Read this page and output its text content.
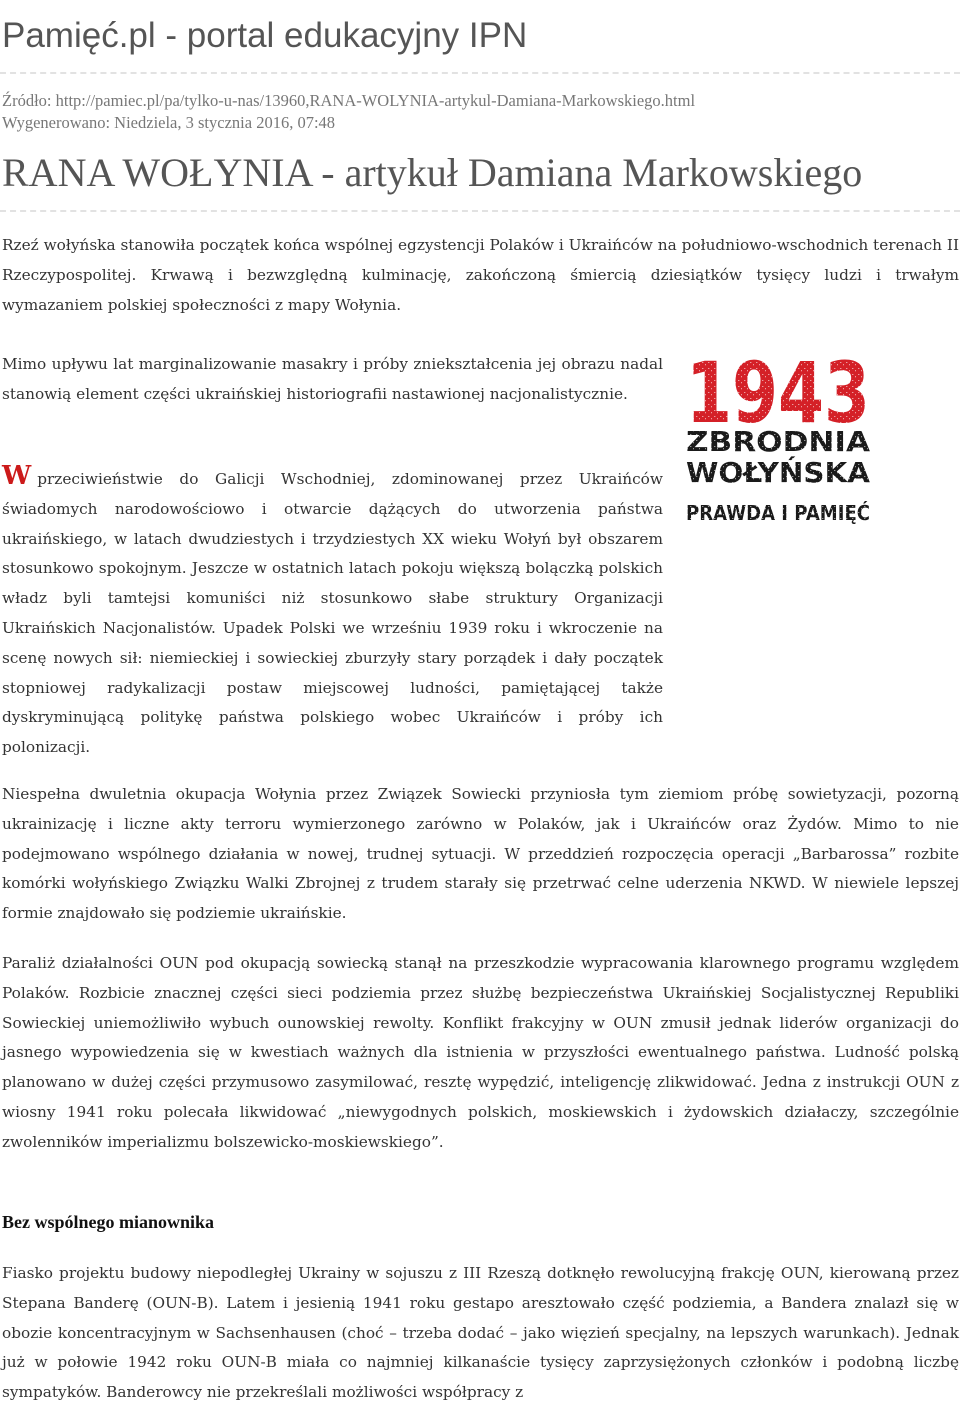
Pamięć.pl - portal edukacyjny IPN

Źródło: http://pamiec.pl/pa/tylko-u-nas/13960,RANA-WOLYNIA-artykul-Damiana-Markowskiego.html

Wygenerowano: Niedziela, 3 stycznia 2016, 07:48

RANA WOŁYNIA - artykuł Damiana Markowskiego

Rzeź wołyńska stanowiła początek końca wspólnej egzystencji Polaków i Ukraińców na południowo-wschodnich terenach II Rzeczypospolitej. Krwawą i bezwzględną kulminację, zakończoną śmiercią dziesiątków tysięcy ludzi i trwałym wymazaniem polskiej społeczności z mapy Wołynia.

Mimo upływu lat marginalizowanie masakry i próby zniekształcenia jej obrazu nadal stanowią element części ukraińskiej historiografii nastawionej nacjonalistycznie.

Wprzeciwieństwie do Galicji Wschodniej, zdominowanej przez Ukraińców świadomych narodowościowo i otwarcie dążących do utworzenia państwa ukraińskiego, w latach dwudziestych i trzydziestych XX wieku Wołyń był obszarem stosunkowo spokojnym. Jeszcze w ostatnich latach pokoju większą bolączką polskich władz byli tamtejsi komuniści niż stosunkowo słabe struktury Organizacji Ukraińskich Nacjonalistów. Upadek Polski we wrześniu 1939 roku i wkroczenie na scenę nowych sił: niemieckiej i sowieckiej zburzyły stary porządek i dały początek stopniowej radykalizacji postaw miejscowej ludności, pamiętającej także dyskryminującą politykę państwa polskiego wobec Ukraińców i próby ich polonizacji.

Niespełna dwuletnia okupacja Wołynia przez Związek Sowiecki przyniosła tym ziemiom próbę sowietyzacji, pozorną ukrainizację i liczne akty terroru wymierzonego zarówno w Polaków, jak i Ukraińców oraz Żydów. Mimo to nie podejmowano wspólnego działania w nowej, trudnej sytuacji. W przeddzień rozpoczęcia operacji „Barbarossa” rozbite komórki wołyńskiego Związku Walki Zbrojnej z trudem starały się przetrwać celne uderzenia NKWD. W niewiele lepszej formie znajdowało się podziemie ukraińskie.

Paraliż działalności OUN pod okupacją sowiecką stanął na przeszkodzie wypracowania klarownego programu względem Polaków. Rozbicie znacznej części sieci podziemia przez służbę bezpieczeństwa Ukraińskiej Socjalistycznej Republiki Sowieckiej uniemożliwiło wybuch ounowskiej rewolty. Konflikt frakcyjny w OUN zmusił jednak liderów organizacji do jasnego wypowiedzenia się w kwestiach ważnych dla istnienia w przyszłości ewentualnego państwa. Ludność polską planowano w dużej części przymusowo zasymilować, resztę wypędzić, inteligencję zlikwidować. Jedna z instrukcji OUN z wiosny 1941 roku polecała likwidować „niewygodnych polskich, moskiewskich i żydowskich działaczy, szczególnie zwolenników imperializmu bolszewicko-moskiewskiego”.

Bez wspólnego mianownika

Fiasko projektu budowy niepodległej Ukrainy w sojuszu z III Rzeszą dotknęło rewolucyjną frakcję OUN, kierowaną przez Stepana Banderę (OUN-B). Latem i jesienią 1941 roku gestapo aresztowało część podziemia, a Bandera znalazł się w obozie koncentracyjnym w Sachsenhausen (choć – trzeba dodać – jako więzień specjalny, na lepszych warunkach). Jednak już w połowie 1942 roku OUN-B miała co najmniej kilkanaście tysięcy zaprzysiężonych członków i podobną liczbę sympatyków. Banderowcy nie przekreślali możliwości współpracy z
